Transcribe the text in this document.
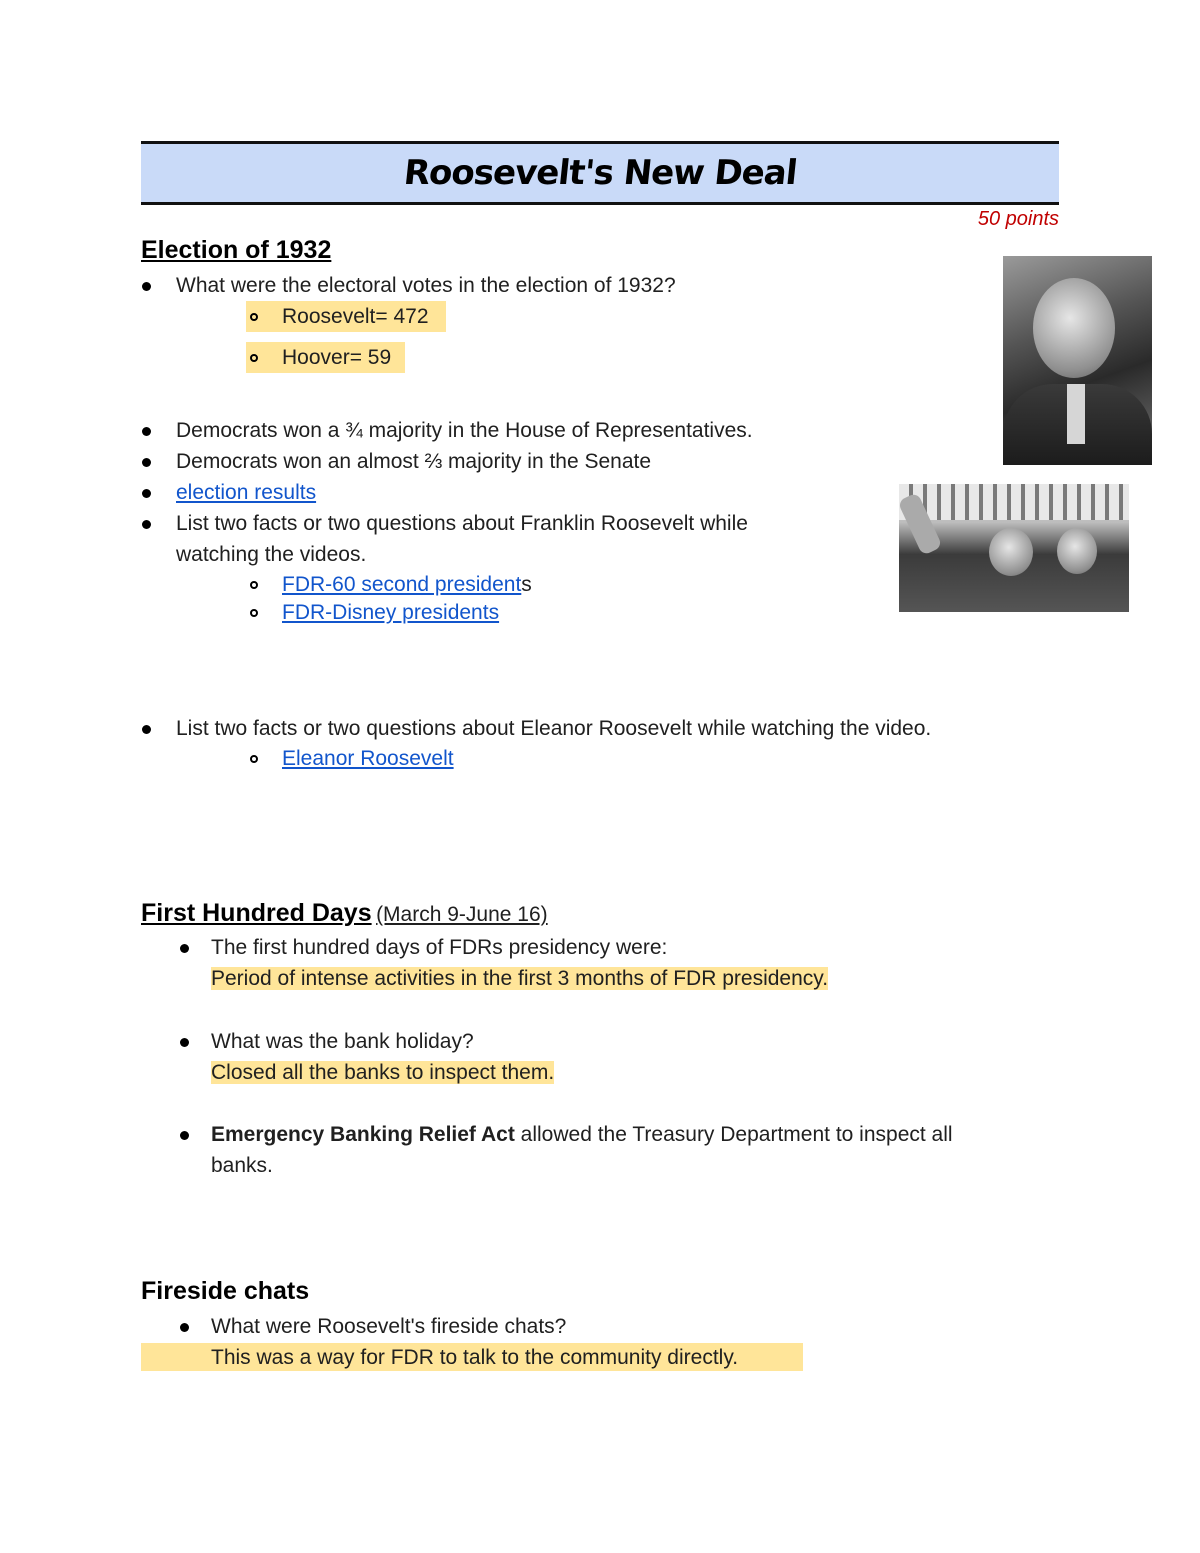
Roosevelt's New Deal
50 points
Election of 1932
What were the electoral votes in the election of 1932?
Roosevelt= 472
Hoover= 59
Democrats won a ¾ majority in the House of Representatives.
Democrats won an almost ⅔ majority in the Senate
election results
List two facts or two questions about Franklin Roosevelt while
watching the videos.
FDR-60 second presidents
FDR-Disney presidents
List two facts or two questions about Eleanor Roosevelt while watching the video.
Eleanor Roosevelt
First Hundred Days (March 9-June 16)
The first hundred days of FDRs presidency were:
Period of intense activities in the first 3 months of FDR presidency.
What was the bank holiday?
Closed all the banks to inspect them.
Emergency Banking Relief Act allowed the Treasury Department to inspect all
banks.
Fireside chats
What were Roosevelt's fireside chats?
This was a way for FDR to talk to the community directly.
